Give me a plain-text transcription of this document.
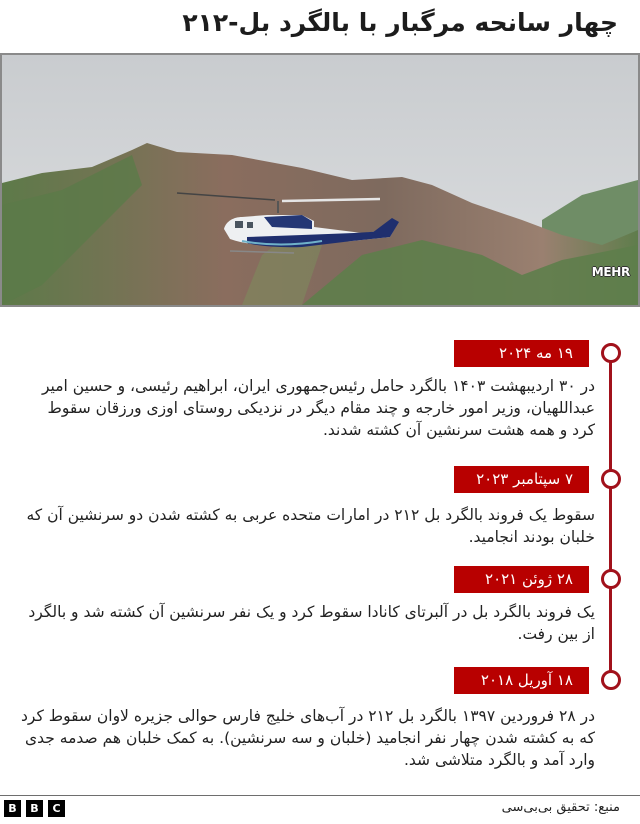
چهار سانحه مرگبار با بالگرد بل-۲۱۲
MEHR
۱۹ مه ۲۰۲۴

در ۳۰ اردیبهشت ۱۴۰۳ بالگرد حامل رئیس‌جمهوری ایران، ابراهیم رئیسی، و حسین امیر عبداللهیان، وزیر امور خارجه و چند مقام دیگر در نزدیکی روستای اوزی ورزقان سقوط کرد و همه هشت سرنشین آن کشته شدند.

۷ سپتامبر ۲۰۲۳

سقوط یک فروند بالگرد بل ۲۱۲ در امارات متحده عربی به کشته شدن دو سرنشین آن که خلبان بودند انجامید.

۲۸ ژوئن ۲۰۲۱

یک فروند بالگرد بل در آلبرتای کانادا سقوط کرد و یک نفر سرنشین آن کشته شد و بالگرد از بین رفت.

۱۸ آوریل ۲۰۱۸

در ۲۸ فروردین ۱۳۹۷ بالگرد بل ۲۱۲ در آب‌های خلیج فارس حوالی جزیره لاوان سقوط کرد که به کشته شدن چهار نفر انجامید (خلبان و سه سرنشین). به کمک خلبان هم صدمه جدی وارد آمد و بالگرد متلاشی شد.

B	B	C	منبع: تحقیق بی‌بی‌سی
